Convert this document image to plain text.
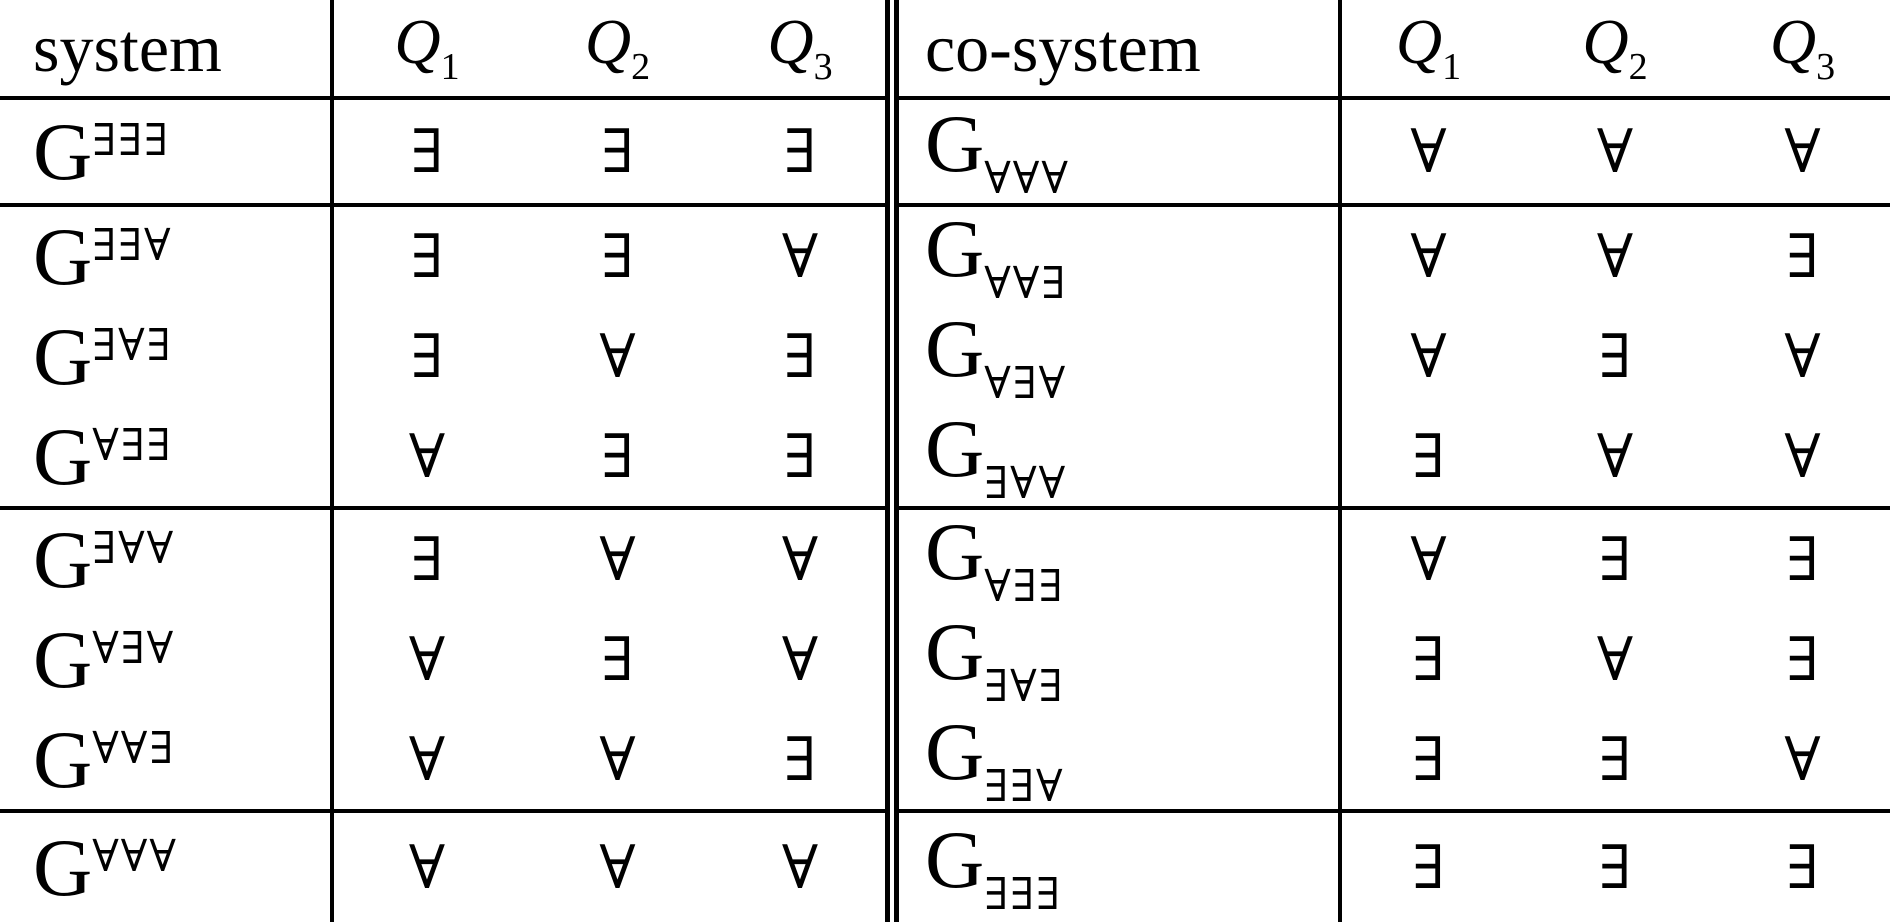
system	$Q_1$	$Q_2$	$Q_3$	co-system	$Q_1$	$Q_2$	$Q_3$
G∃∃∃	∃	∃	∃	$G_{\forall\forall\forall}$	∀	∀	∀
G∃∃∀	∃	∃	∀	$G_{\forall\forall\exists}$	∀	∀	∃
G∃∀∃	∃	∀	∃	$G_{\forall\exists\forall}$	∀	∃	∀
G∀∃∃	∀	∃	∃	$G_{\exists\forall\forall}$	∃	∀	∀
G∃∀∀	∃	∀	∀	$G_{\forall\exists\exists}$	∀	∃	∃
G∀∃∀	∀	∃	∀	$G_{\exists\forall\exists}$	∃	∀	∃
G∀∀∃	∀	∀	∃	$G_{\exists\exists\forall}$	∃	∃	∀
G∀∀∀	∀	∀	∀	$G_{\exists\exists\exists}$	∃	∃	∃
